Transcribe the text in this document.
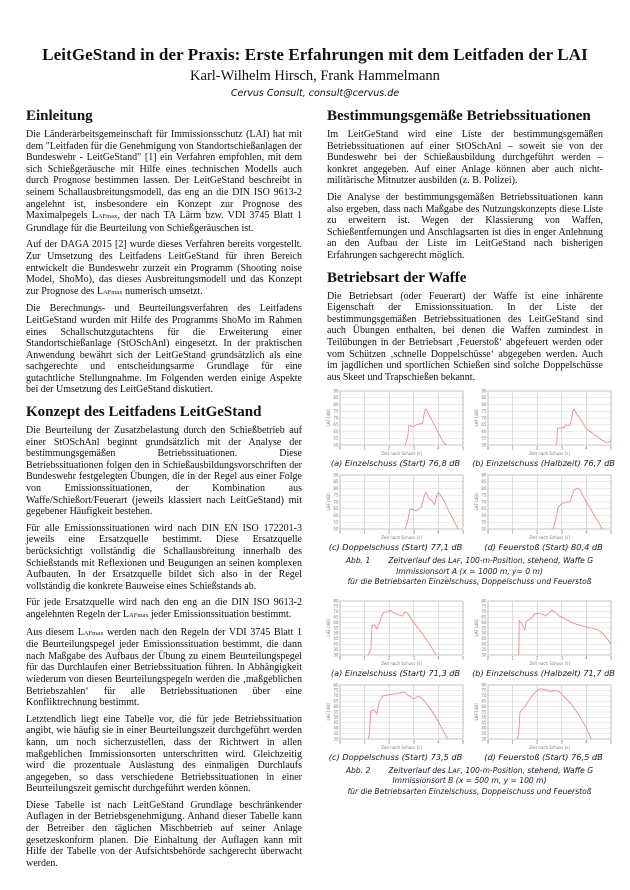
LeitGeStand in der Praxis: Erste Erfahrungen mit dem Leitfaden der LAI
Karl-Wilhelm Hirsch, Frank Hammelmann
Cervus Consult, consult@cervus.de
Einleitung

Die Länderarbeitsgemeinschaft für Immissionsschutz (LAI) hat mit dem "Leitfaden für die Genehmigung von Standortschießanlagen der Bundeswehr - LeitGeStand" [1] ein Verfahren empfohlen, mit dem sich Schießgeräusche mit Hilfe eines technischen Modells auch durch Prognose bestimmen lassen. Der LeitGeStand beschreibt in seinem Schallausbreitungsmodell, das eng an die DIN ISO 9613-2 angelehnt ist, insbesondere ein Konzept zur Prognose des Maximalpegels LAFmax, der nach TA Lärm bzw. VDI 3745 Blatt 1 Grundlage für die Beurteilung von Schießgeräuschen ist.

Auf der DAGA 2015 [2] wurde dieses Verfahren bereits vorgestellt. Zur Umsetzung des Leitfadens LeitGeStand für ihren Bereich entwickelt die Bundeswehr zurzeit ein Programm (Shooting noise Model, ShoMo), das dieses Ausbreitungsmodell und das Konzept zur Prognose des LAFmax numerisch umsetzt.

Die Berechnungs- und Beurteilungsverfahren des Leitfadens LeitGeStand wurden mit Hilfe des Programms ShoMo im Rahmen eines Schallschutzgutachtens für die Erweiterung einer Standortschießanlage (StOSchAnl) eingesetzt. In der praktischen Anwendung bewährt sich der LeitGeStand grundsätzlich als eine sachgerechte und entscheidungsarme Grundlage für eine gutachtliche Stellungnahme. Im Folgenden werden einige Aspekte bei der Umsetzung des LeitGeStand diskutiert.

Konzept des Leitfadens LeitGeStand

Die Beurteilung der Zusatzbelastung durch den Schießbetrieb auf einer StOSchAnl beginnt grundsätzlich mit der Analyse der bestimmungsgemäßen Betriebssituationen. Diese Betriebssituationen folgen den in Schießausbildungsvorschriften der Bundeswehr festgelegten Übungen, die in der Regel aus einer Folge von Emissionssituationen, der Kombination aus Waffe/Schießort/Feuerart (jeweils klassiert nach LeitGeStand) mit gegebener Häufigkeit bestehen.

Für alle Emissionssituationen wird nach DIN EN ISO 172201-3 jeweils eine Ersatzquelle bestimmt. Diese Ersatzquelle berücksichtigt vollständig die Schallausbreitung innerhalb des Schießstands mit Reflexionen und Beugungen an seinen komplexen Aufbauten. In der Ersatzquelle bildet sich also in der Regel vollständig die konkrete Bauweise eines Schießstands ab.

Für jede Ersatzquelle wird nach den eng an die DIN ISO 9613-2 angelehnten Regeln der LAFmax jeder Emissionssituation bestimmt.

Aus diesem LAFmax werden nach den Regeln der VDI 3745 Blatt 1 die Beurteilungspegel jeder Emissionssituation bestimmt, die dann nach Maßgabe des Aufbaus der Übung zu einem Beurteilungspegel für das Durchlaufen einer Betriebssituation führen. In Abhängigkeit wiederum von diesen Beurteilungspegeln werden die ‚maßgeblichen Betriebszahlen‘ für alle Betriebssituationen über eine Konfliktrechnung bestimmt.

Letztendlich liegt eine Tabelle vor, die für jede Betriebssituation angibt, wie häufig sie in einer Beurteilungszeit durchgeführt werden kann, um noch sicherzustellen, dass der Richtwert in allen maßgeblichen Immissionsorten unterschritten wird. Gleichzeitig wird die prozentuale Auslastung des einmaligen Durchlaufs angegeben, so dass verschiedene Betriebssituationen in einer Beurteilungszeit gemischt durchgeführt werden können.

Diese Tabelle ist nach LeitGeStand Grundlage beschränkender Auflagen in der Betriebsgenehmigung. Anhand dieser Tabelle kann der Betreiber den täglichen Mischbetrieb auf seiner Anlage gesetzeskonform planen. Die Einhaltung der Auflagen kann mit Hilfe der Tabelle von der Aufsichtsbehörde sachgerecht überwacht werden.

Bestimmungsgemäße Betriebssituationen

Im LeitGeStand wird eine Liste der bestimmungsgemäßen Betriebssituationen auf einer StOSchAnl – soweit sie von der Bundeswehr bei der Schießausbildung durchgeführt werden – konkret angegeben. Auf einer Anlage können aber auch nicht-militärische Mitnutzer ausbilden (z. B. Polizei).

Die Analyse der bestimmungsgemäßen Betriebssituationen kann also ergeben, dass nach Maßgabe des Nutzungskonzepts diese Liste zu erweitern ist. Wegen der Klassierung von Waffen, Schießentfernungen und Anschlagsarten ist dies in enger Anlehnung an den Aufbau der Liste im LeitGeStand nach bisherigen Erfahrungen sachgerecht möglich.

Betriebsart der Waffe

Die Betriebsart (oder Feuerart) der Waffe ist eine inhärente Eigenschaft der Emissionssituation. In der Liste der bestimmungsgemäßen Betriebssituationen des LeitGeStand sind auch Übungen enthalten, bei denen die Waffen zumindest in Teilübungen in der Betriebsart ‚Feuerstoß‘ abgefeuert werden oder vom Schützen ‚schnelle Doppelschüsse‘ abgegeben werden. Auch im jagdlichen und sportlichen Schießen sind solche Doppelschüsse aus Skeet und Trapschießen bekannt.

50
55
60
65
70
75
80
85
90
0	1	2	3	4	5
Zeit nach Schuss [s]
LAF [dB]
(a) Einzelschuss (Start) 76,8 dB
50
55
60
65
70
75
80
85
90
0	1	2	3	4	5
Zeit nach Schuss [s]
LAF [dB]
(b) Einzelschuss (Halbzeit) 76,7 dB
50
55
60
65
70
75
80
85
90
0	1	2	3	4	5
Zeit nach Schuss [s]
LAF [dB]
(c) Doppelschuss (Start) 77,1 dB
50
55
60
65
70
75
80
85
90
0	1	2	3	4	5
Zeit nach Schuss [s]
LAF [dB]
(d) Feuerstoß (Start) 80,4 dB
Abb. 1 Zeitverlauf des LAF, 100-m-Position, stehend, Waffe G
Immissionsort A (x = 1000 m, y= 0 m)
für die Betriebsarten Einzelschuss, Doppelschuss und Feuerstoß
30
35
40
45
50
55
60
65
70
75
80
0	1	2	3	4	5
Zeit nach Schuss [s]
LAF [dB]
(a) Einzelschuss (Start) 71,3 dB
30
35
40
45
50
55
60
65
70
75
80
0	1	2	3	4	5
Zeit nach Schuss [s]
LAF [dB]
(b) Einzelschuss (Halbzeit) 71,7 dB
30
35
40
45
50
55
60
65
70
75
80
0	1	2	3	4	5
Zeit nach Schuss [s]
LAF [dB]
(c) Doppelschuss (Start) 73,5 dB
30
35
40
45
50
55
60
65
70
75
80
0	1	2	3	4	5
Zeit nach Schuss [s]
LAF [dB]
(d) Feuerstoß (Start) 76,5 dB
Abb. 2 Zeitverlauf des LAF, 100-m-Position, stehend, Waffe G
Immissionsort B (x = 500 m, y = 100 m)
für die Betriebsarten Einzelschuss, Doppelschuss und Feuerstoß
